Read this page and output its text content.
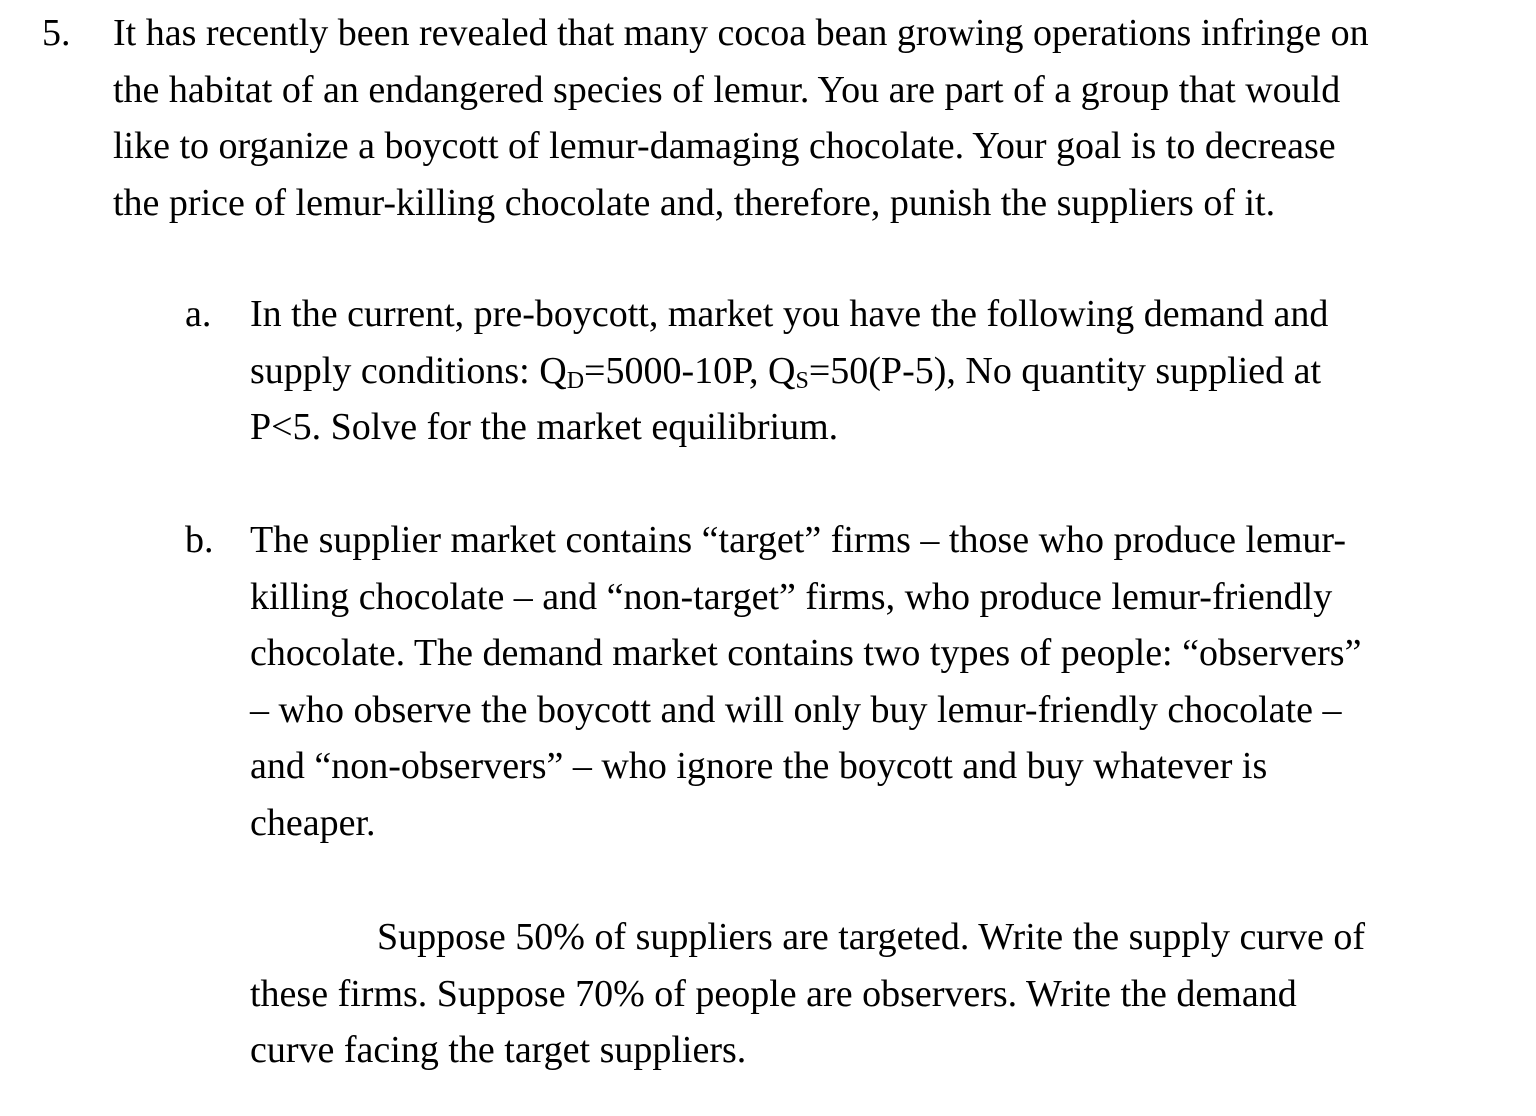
5. It has recently been revealed that many cocoa bean growing operations infringe on
the habitat of an endangered species of lemur. You are part of a group that would
like to organize a boycott of lemur-damaging chocolate. Your goal is to decrease
the price of lemur-killing chocolate and, therefore, punish the suppliers of it.
a. In the current, pre-boycott, market you have the following demand and
supply conditions: $Q_D=5000-10P$, $Q_S=50(P-5)$, No quantity supplied at
P<5. Solve for the market equilibrium.
b. The supplier market contains “target” firms – those who produce lemur-
killing chocolate – and “non-target” firms, who produce lemur-friendly
chocolate. The demand market contains two types of people: “observers”
– who observe the boycott and will only buy lemur-friendly chocolate –
and “non-observers” – who ignore the boycott and buy whatever is
cheaper.
Suppose 50% of suppliers are targeted. Write the supply curve of
these firms. Suppose 70% of people are observers. Write the demand
curve facing the target suppliers.
